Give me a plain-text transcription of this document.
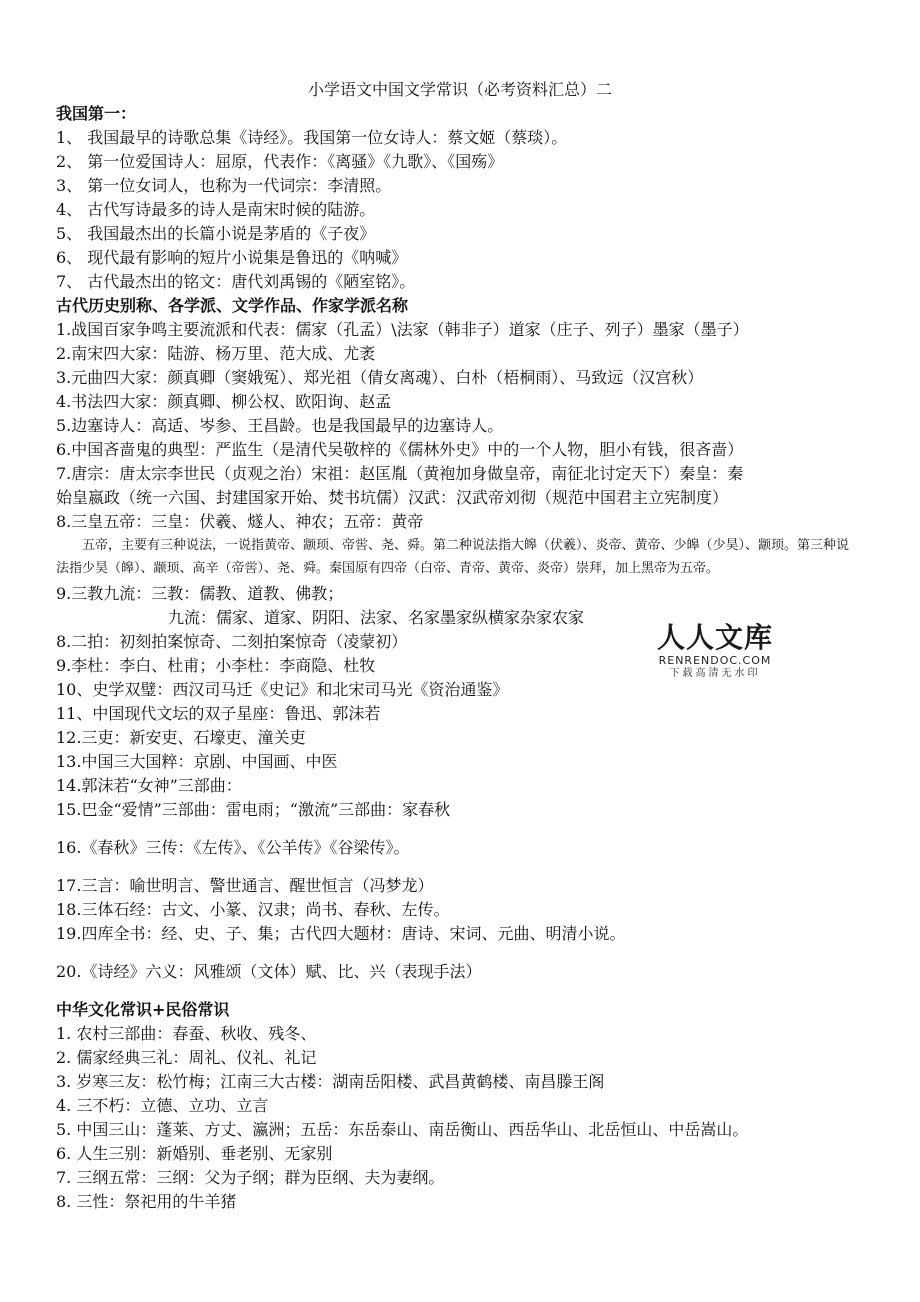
小学语文中国文学常识（必考资料汇总）二
我国第一：
1、 我国最早的诗歌总集《诗经》。我国第一位女诗人：蔡文姬（蔡琰）。
2、 第一位爱国诗人：屈原，代表作：《离骚》《九歌》、《国殇》
3、 第一位女词人，也称为一代词宗：李清照。
4、 古代写诗最多的诗人是南宋时候的陆游。
5、 我国最杰出的长篇小说是茅盾的《子夜》
6、 现代最有影响的短片小说集是鲁迅的《呐喊》
7、 古代最杰出的铭文：唐代刘禹锡的《陋室铭》。
古代历史别称、各学派、文学作品、作家学派名称
1.战国百家争鸣主要流派和代表：儒家（孔孟）\法家（韩非子）道家（庄子、列子）墨家（墨子）
2.南宋四大家：陆游、杨万里、范大成、尤袤
3.元曲四大家：颜真卿（窦娥冤）、郑光祖（倩女离魂）、白朴（梧桐雨）、马致远（汉宫秋）
4.书法四大家：颜真卿、柳公权、欧阳询、赵孟
5.边塞诗人：高适、岑参、王昌龄。也是我国最早的边塞诗人。
6.中国吝啬鬼的典型：严监生（是清代吴敬梓的《儒林外史》中的一个人物，胆小有钱，很吝啬）
7.唐宗：唐太宗李世民（贞观之治）宋祖：赵匡胤（黄袍加身做皇帝，南征北讨定天下）秦皇：秦
始皇嬴政（统一六国、封建国家开始、焚书坑儒）汉武：汉武帝刘彻（规范中国君主立宪制度）
8.三皇五帝：三皇：伏羲、燧人、神农；五帝：黄帝
五帝，主要有三种说法，一说指黄帝、颛顼、帝喾、尧、舜。第二种说法指大皞（伏羲）、炎帝、黄帝、少皞（少昊）、颛顼。第三种说法指少昊（皞）、颛顼、高辛（帝喾）、尧、舜。秦国原有四帝（白帝、青帝、黄帝、炎帝）崇拜，加上黑帝为五帝。
9.三教九流：三教：儒教、道教、佛教；
九流：儒家、道家、阴阳、法家、名家墨家纵横家杂家农家
8.二拍：初刻拍案惊奇、二刻拍案惊奇（凌蒙初）
9.李杜：李白、杜甫；小李杜：李商隐、杜牧
10、史学双璧：西汉司马迁《史记》和北宋司马光《资治通鉴》
11、中国现代文坛的双子星座：鲁迅、郭沫若
12.三吏：新安吏、石壕吏、潼关吏
13.中国三大国粹：京剧、中国画、中医
14.郭沫若“女神”三部曲：
15.巴金“爱情”三部曲：雷电雨；“激流”三部曲：家春秋
16.《春秋》三传：《左传》、《公羊传》《谷梁传》。
17.三言：喻世明言、警世通言、醒世恒言（冯梦龙）
18.三体石经：古文、小篆、汉隶；尚书、春秋、左传。
19.四库全书：经、史、子、集；古代四大题材：唐诗、宋词、元曲、明清小说。
20.《诗经》六义：风雅颂（文体）赋、比、兴（表现手法）
中华文化常识+民俗常识
1. 农村三部曲：春蚕、秋收、残冬、
2. 儒家经典三礼：周礼、仪礼、礼记
3. 岁寒三友：松竹梅；江南三大古楼：湖南岳阳楼、武昌黄鹤楼、南昌滕王阁
4. 三不朽：立德、立功、立言
5. 中国三山：蓬莱、方丈、瀛洲；五岳：东岳泰山、南岳衡山、西岳华山、北岳恒山、中岳嵩山。
6. 人生三别：新婚别、垂老别、无家别
7. 三纲五常：三纲：父为子纲；群为臣纲、夫为妻纲。
8. 三性：祭祀用的牛羊猪
人人文库
RENRENDOC.COM
下载高清无水印
